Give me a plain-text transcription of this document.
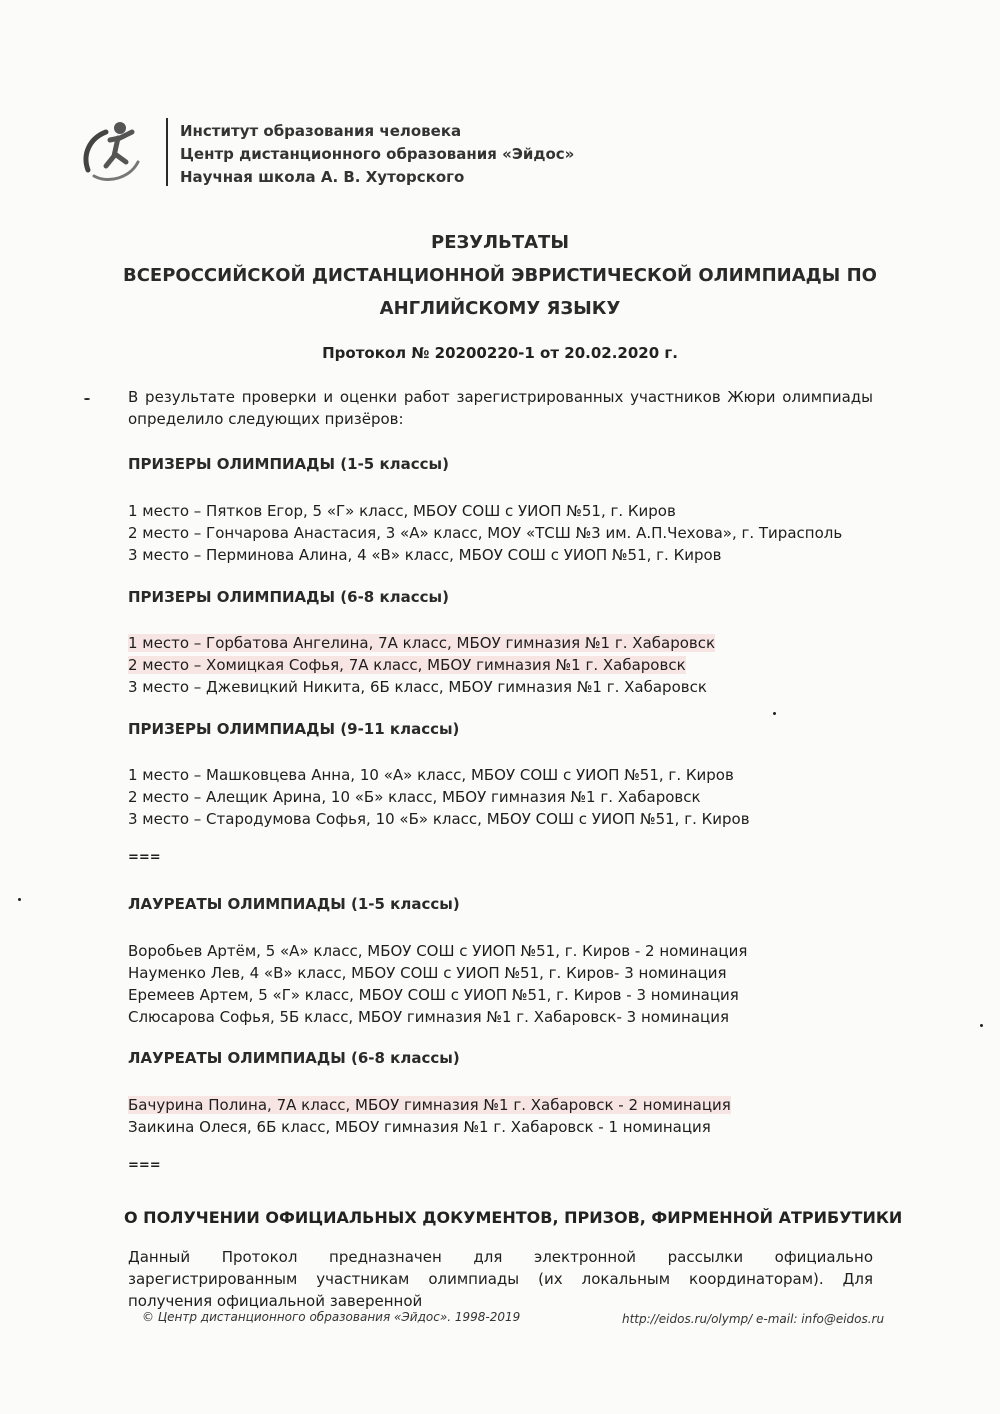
Институт образования человека
Центр дистанционного образования «Эйдос»
Научная школа А. В. Хуторского
РЕЗУЛЬТАТЫ
ВСЕРОССИЙСКОЙ ДИСТАНЦИОННОЙ ЭВРИСТИЧЕСКОЙ ОЛИМПИАДЫ ПО
АНГЛИЙСКОМУ ЯЗЫКУ
Протокол № 20200220-1 от 20.02.2020 г.
В результате проверки и оценки работ зарегистрированных участников Жюри олимпиады определило следующих призёров:
ПРИЗЕРЫ ОЛИМПИАДЫ (1-5 классы)
1 место – Пятков Егор, 5 «Г» класс, МБОУ СОШ с УИОП №51, г. Киров
2 место – Гончарова Анастасия, 3 «А» класс, МОУ «ТСШ №3 им. А.П.Чехова», г. Тирасполь
3 место – Перминова Алина, 4 «В» класс, МБОУ СОШ с УИОП №51, г. Киров
ПРИЗЕРЫ ОЛИМПИАДЫ (6-8 классы)
1 место – Горбатова Ангелина, 7А класс, МБОУ гимназия №1 г. Хабаровск
2 место – Хомицкая Софья, 7А класс, МБОУ гимназия №1 г. Хабаровск
3 место – Джевицкий Никита, 6Б класс, МБОУ гимназия №1 г. Хабаровск
ПРИЗЕРЫ ОЛИМПИАДЫ (9-11 классы)
1 место – Машковцева Анна, 10 «А» класс, МБОУ СОШ с УИОП №51, г. Киров
2 место – Алещик Арина, 10 «Б» класс, МБОУ гимназия №1 г. Хабаровск
3 место – Стародумова Софья, 10 «Б» класс, МБОУ СОШ с УИОП №51, г. Киров
===
ЛАУРЕАТЫ ОЛИМПИАДЫ (1-5 классы)
Воробьев Артём, 5 «А» класс, МБОУ СОШ с УИОП №51, г. Киров - 2 номинация
Науменко Лев, 4 «В» класс, МБОУ СОШ с УИОП №51, г. Киров- 3 номинация
Еремеев Артем, 5 «Г» класс, МБОУ СОШ с УИОП №51, г. Киров - 3 номинация
Слюсарова Софья, 5Б класс, МБОУ гимназия №1 г. Хабаровск- 3 номинация
ЛАУРЕАТЫ ОЛИМПИАДЫ (6-8 классы)
Бачурина Полина, 7А класс, МБОУ гимназия №1 г. Хабаровск - 2 номинация
Заикина Олеся, 6Б класс, МБОУ гимназия №1 г. Хабаровск - 1 номинация
===
О ПОЛУЧЕНИИ ОФИЦИАЛЬНЫХ ДОКУМЕНТОВ, ПРИЗОВ, ФИРМЕННОЙ АТРИБУТИКИ
Данный Протокол предназначен для электронной рассылки официально зарегистрированным участникам олимпиады (их локальным координаторам). Для получения официальной заверенной
© Центр дистанционного образования «Эйдос». 1998-2019	http://eidos.ru/olymp/ e-mail: info@eidos.ru
